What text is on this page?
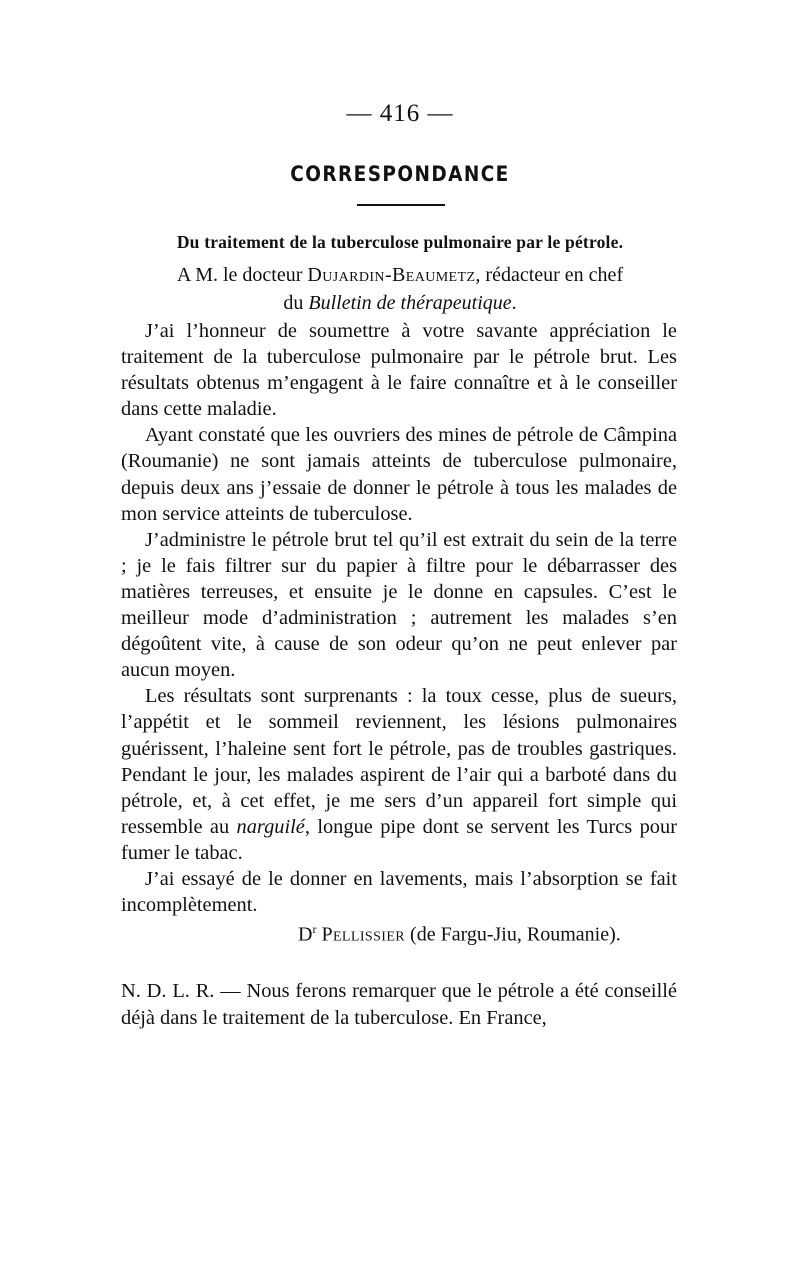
— 416 —
CORRESPONDANCE
Du traitement de la tuberculose pulmonaire par le pétrole.
A M. le docteur Dujardin-Beaumetz, rédacteur en chef
du Bulletin de thérapeutique.

J’ai l’honneur de soumettre à votre savante appréciation le traitement de la tuberculose pulmonaire par le pétrole brut. Les résultats obtenus m’engagent à le faire connaître et à le conseiller dans cette maladie.

Ayant constaté que les ouvriers des mines de pétrole de Câmpina (Roumanie) ne sont jamais atteints de tuberculose pulmonaire, depuis deux ans j’essaie de donner le pétrole à tous les malades de mon service atteints de tuberculose.

J’administre le pétrole brut tel qu’il est extrait du sein de la terre ; je le fais filtrer sur du papier à filtre pour le débarrasser des matières terreuses, et ensuite je le donne en capsules. C’est le meilleur mode d’administration ; autrement les malades s’en dégoûtent vite, à cause de son odeur qu’on ne peut enlever par aucun moyen.

Les résultats sont surprenants : la toux cesse, plus de sueurs, l’appétit et le sommeil reviennent, les lésions pulmonaires guérissent, l’haleine sent fort le pétrole, pas de troubles gastriques. Pendant le jour, les malades aspirent de l’air qui a barboté dans du pétrole, et, à cet effet, je me sers d’un appareil fort simple qui ressemble au narguilé, longue pipe dont se servent les Turcs pour fumer le tabac.

J’ai essayé de le donner en lavements, mais l’absorption se fait incomplètement.

$D^r$ Pellissier (de Fargu-Jiu, Roumanie).

N. D. L. R. — Nous ferons remarquer que le pétrole a été conseillé déjà dans le traitement de la tuberculose. En France,
